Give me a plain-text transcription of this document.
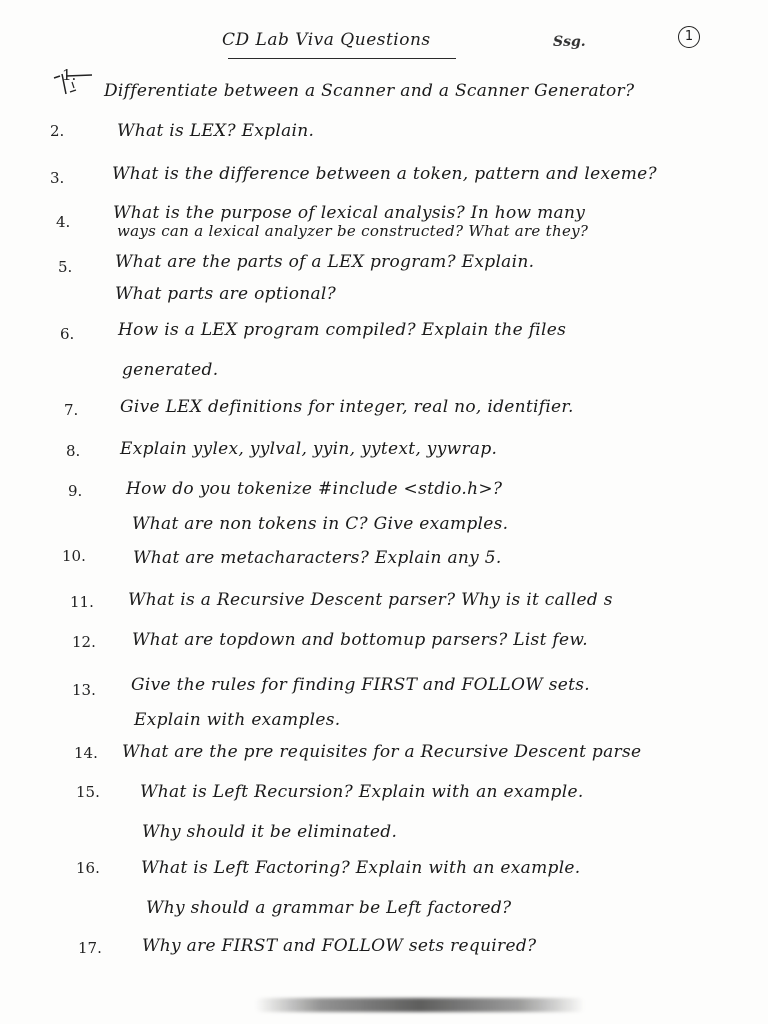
CD Lab Viva Questions	Ssg.	1
1.
Differentiate between a Scanner and a Scanner Generator?
2.	What is LEX? Explain.
3.	What is the difference between a token, pattern and lexeme?
4.	What is the purpose of lexical analysis? In how many
ways can a lexical analyzer be constructed? What are they?
5.	What are the parts of a LEX program? Explain.
What parts are optional?
6.	How is a LEX program compiled? Explain the files
generated.
7. Give LEX definitions for integer, real no, identifier.
8. Explain yylex, yylval, yyin, yytext, yywrap.
9.	How do you tokenize #include <stdio.h>?
What are non tokens in C? Give examples.
10.	What are metacharacters? Explain any 5.
11. What is a Recursive Descent parser? Why is it called s
12. What are topdown and bottomup parsers? List few.
13. Give the rules for finding FIRST and FOLLOW sets.
Explain with examples.
14. What are the pre requisites for a Recursive Descent parse
15. What is Left Recursion? Explain with an example.
Why should it be eliminated.
16. What is Left Factoring? Explain with an example.
Why should a grammar be Left factored?
17. Why are FIRST and FOLLOW sets required?
